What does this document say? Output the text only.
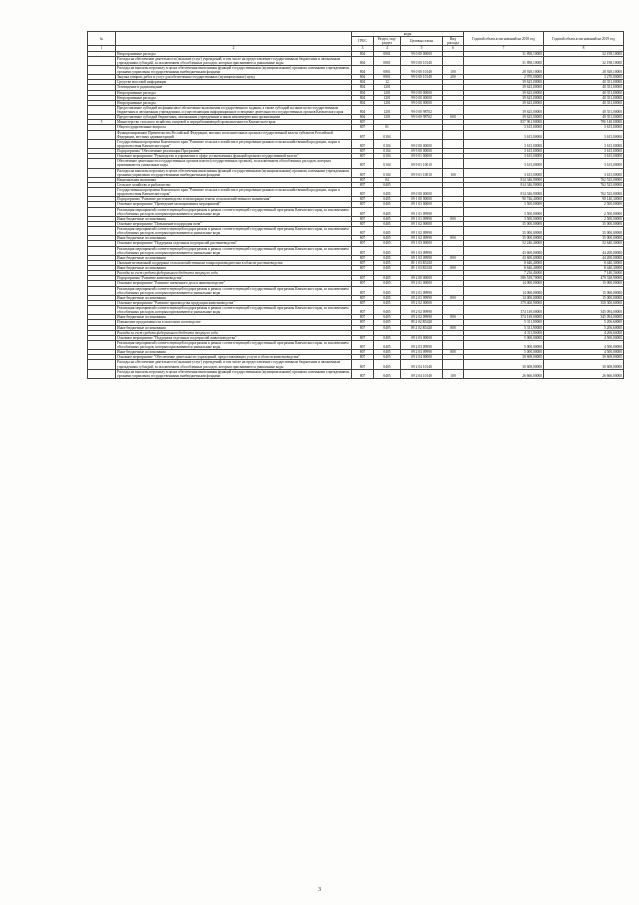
№		коды				Годовой объем ассигнований на 2018 год	Годовой объем ассигнований на 2019 год
		ГРБС	Раздел, под-раздел	Целевая статья	Вид расхода		
1	2	3	4	5	6	7	8
	Непрограммные расходы	804	0801	99 0 00 00000		31 898,10000	32 198,10000
	Расходы на обеспечение деятельности (оказание услуг) учреждений, в том числе на предоставление государственным бюджетным и автономным учреждениям субсидий, за исключением обособленных расходов, которым присваиваются уникальные коды	804	0801	99 0 00 10140		31 898,10000	32 198,10000
	Расходы на выплаты персоналу в целях обеспечения выполнения функций государственными (муниципальными) органами, казенными учреждениями, органами управления государственными внебюджетными фондами	804	0801	99 0 00 10140	100	28 928,10000	28 928,10000
	Закупка товаров, работ и услуг для обеспечения государственных (муниципальных) нужд	804	0801	99 0 00 10140	200	2 970,00000	3 270,00000
	Средства массовой информации	804	12			39 625,00000	40 351,00000
	Телевидение и радиовещание	804	1201			39 625,00000	40 351,00000
	Непрограммные расходы	804	1201	99 0 00 00000		39 625,00000	40 351,00000
	Непрограммные расходы	804	1201	99 0 00 00000		39 625,00000	40 351,00000
	Непрограммные расходы	804	1201	99 0 00 00000		39 625,00000	40 351,00000
	Предоставление субсидий на финансовое обеспечение выполнения государственного задания, а также субсидий на иные цели государственным бюджетным и автономным учреждениям, осуществляющим информационное освещение деятельности государственных органов Камчатского края	804	1201	99 0 00 98702		39 625,00000	40 351,00000
	Предоставление субсидий бюджетным, автономным учреждениям и иным некоммерческим организациям	804	1201	99 0 00 98702	600	39 625,00000	40 351,00000
5	Министерство сельского хозяйства, пищевой и перерабатывающей промышленности Камчатского края	807				837 961,90000	786 140,00000
	Общегосударственные вопросы	807	01			3 615,00000	3 615,00000
	Функционирование Правительства Российской Федерации, высших исполнительных органов государственной власти субъектов Российской Федерации, местных администраций	807	0104			3 615,00000	3 615,00000
	Государственная программа Камчатского края "Развитие сельского хозяйства и регулирование рынков сельскохозяйственной продукции, сырья и продовольствия Камчатского края"	807	0104	09 0 00 00000		3 615,00000	3 615,00000
	Подпрограмма "Обеспечение реализации Программы"	807	0104	09 9 00 00000		3 615,00000	3 615,00000
	Основное мероприятие "Руководство и управление в сфере установленных функций органов государственной власти"	807	0104	09 9 01 00000		3 615,00000	3 615,00000
	Обеспечение деятельности государственных органов власти (государственных органов), за исключением обособленных расходов, которым присваиваются уникальные коды	807	0104	09 9 01 10010		3 615,00000	3 615,00000
	Расходы на выплаты персоналу в целях обеспечения выполнения функций государственными (муниципальными) органами, казенными учреждениями, органами управления государственными внебюджетными фондами	807	0104	09 9 01 10010	100	3 615,00000	3 615,00000
	Национальная экономика	807	04			814 346,90000	762 525,00000
	Сельское хозяйство и рыболовство	807	0405			814 346,90000	762 525,00000
	Государственная программа Камчатского края "Развитие сельского хозяйства и регулирование рынков сельскохозяйственной продукции, сырья и продовольствия Камчатского края"	807	0405	09 0 00 00000		814 346,90000	762 525,00000
	Подпрограмма "Развитие растениеводства и мелиорация земель сельскохозяйственного назначения"	807	0405	09 1 00 00000		90 746,40000	90 140,30000
	Основное мероприятие "Проведение мелиоративных мероприятий"	807	0405	09 1 01 00000		3 500,00000	2 500,00000
	Реализация мероприятий соответствующей подпрограммы в рамках соответствующей государственной программы Камчатского края, за исключением обособленных расходов, которым присваиваются уникальные коды	807	0405	09 1 01 09990		3 500,00000	2 500,00000
	Иные бюджетные ассигнования	807	0405	09 1 01 09990	800	3 500,00000	2 500,00000
	Основное мероприятие "Повышение плодородия почв"	807	0405	09 1 02 00000		35 000,00000	35 000,00000
	Реализация мероприятий соответствующей подпрограммы в рамках соответствующей государственной программы Камчатского края, за исключением обособленных расходов, которым присваиваются уникальные коды	807	0405	09 1 02 09990		35 000,00000	35 000,00000
	Иные бюджетные ассигнования	807	0405	09 1 02 09990	800	35 000,00000	35 000,00000
	Основное мероприятие "Поддержка отдельных подотраслей растениеводства"	807	0405	09 1 03 00000		52 246,40000	52 640,30000
	Реализация мероприятий соответствующей подпрограммы в рамках соответствующей государственной программы Камчатского края, за исключением обособленных расходов, которым присваиваются уникальные коды	807	0405	09 1 03 09990		43 600,00000	44 200,00000
	Иные бюджетные ассигнования	807	0405	09 1 03 09990	800	43 600,00000	44 200,00000
	Оказание несвязанной поддержки сельскохозяйственным товаропроизводителям в области растениеводства	807	0405	09 1 03 R5410		8 646,40000	8 440,30000
	Иные бюджетные ассигнования	807	0405	09 1 03 R5410	800	8 646,40000	8 440,30000
	Расходы за счет средств федерального бюджета текущего года					7 216,40000	7 140,30000
	Подпрограмма "Развитие животноводства"	807	0405	09 2 00 00000		586 539,70000	479 328,90000
	Основное мероприятие "Развитие племенного дела в животноводстве"	807	0405	09 2 01 00000		14 000,00000	15 000,00000
	Реализация мероприятий соответствующей подпрограммы в рамках соответствующей государственной программы Камчатского края, за исключением обособленных расходов, которым присваиваются уникальные коды	807	0405	09 2 01 09990		14 000,00000	15 000,00000
	Иные бюджетные ассигнования	807	0405	09 2 01 09990	800	14 000,00000	15 000,00000
	Основное мероприятие "Развитие производства продукции животноводства"	807	0405	09 2 02 00000		379 460,90000	350 300,60000
	Реализация мероприятий соответствующей подпрограммы в рамках соответствующей государственной программы Камчатского края, за исключением обособленных расходов, которым присваиваются уникальные коды	807	0405	09 2 02 09990		374 149,00000	345 094,00000
	Иные бюджетные ассигнования	807	0405	09 2 02 09990	800	374 149,00000	345 094,00000
	Повышение продуктивности в молочном скотоводстве	807	0405	09 2 02 R5420		5 311,90000	5 206,60000
	Иные бюджетные ассигнования	807	0405	09 2 02 R5420	800	5 311,90000	5 206,60000
	Расходы за счет средств федерального бюджета текущего года					4 311,90000	4 206,60000
	Основное мероприятие "Поддержка отдельных подотраслей животноводства"	807	0405	09 2 03 00000		5 000,00000	4 500,00000
	Реализация мероприятий соответствующей подпрограммы в рамках соответствующей государственной программы Камчатского края, за исключением обособленных расходов, которым присваиваются уникальные коды	807	0405	09 2 03 09990		5 000,00000	4 500,00000
	Иные бюджетные ассигнования	807	0405	09 2 03 09990	800	5 000,00000	4 500,00000
	Основное мероприятие "Обеспечение деятельности учреждений, предоставляющих услуги в области животноводства"	807	0405	09 2 04 00000		30 608,00000	30 608,00000
	Расходы на обеспечение деятельности (оказание услуг) учреждений, в том числе на предоставление государственным бюджетным и автономным учреждениям субсидий, за исключением обособленных расходов, которым присваиваются уникальные коды	807	0405	09 2 04 10140		30 608,00000	30 608,00000
	Расходы на выплаты персоналу в целях обеспечения выполнения функций государственными (муниципальными) органами, казенными учреждениями, органами управления государственными внебюджетными фондами	807	0405	09 2 04 10140	100	26 666,00000	26 666,00000
3
